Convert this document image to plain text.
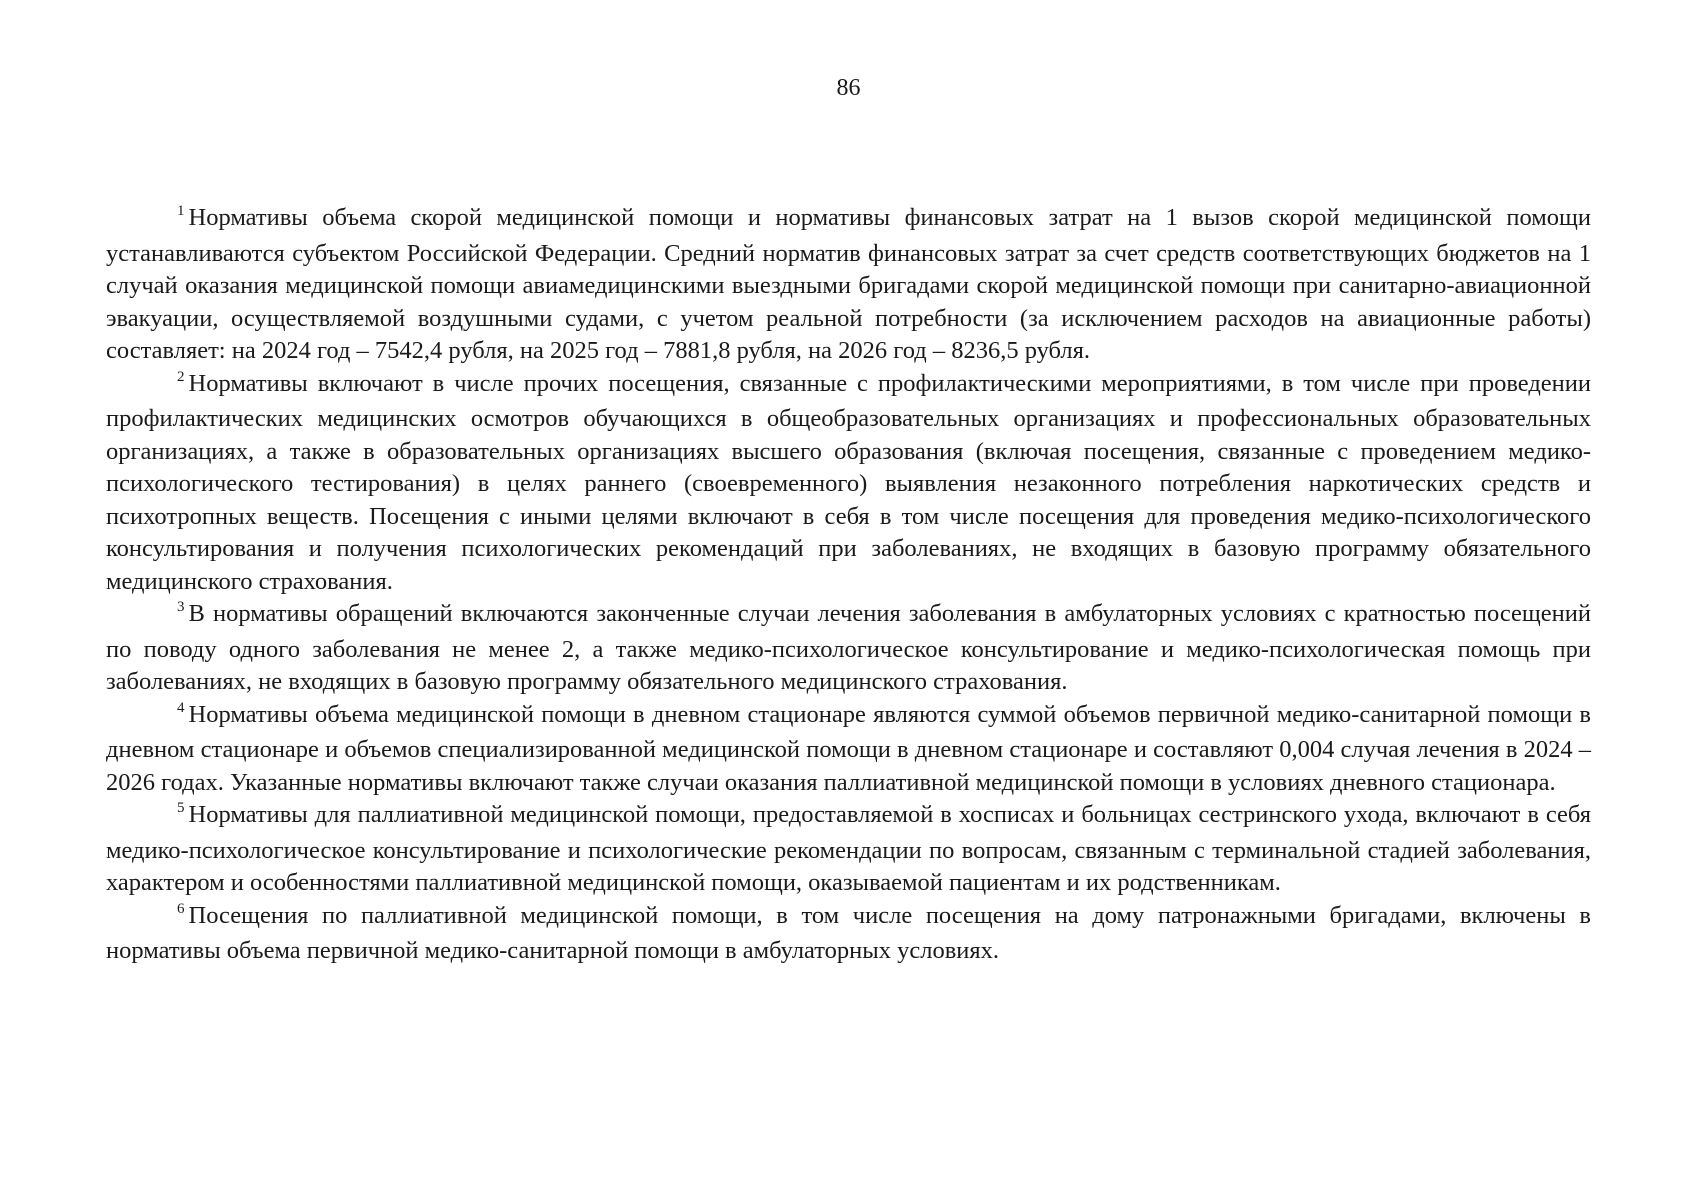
86

$^1$ Нормативы объема скорой медицинской помощи и нормативы финансовых затрат на 1 вызов скорой медицинской помощи устанавливаются субъектом Российской Федерации. Средний норматив финансовых затрат за счет средств соответствующих бюджетов на 1 случай оказания медицинской помощи авиамедицинскими выездными бригадами скорой медицинской помощи при санитарно-авиационной эвакуации, осуществляемой воздушными судами, с учетом реальной потребности (за исключением расходов на авиационные работы) составляет: на 2024 год – 7542,4 рубля, на 2025 год – 7881,8 рубля, на 2026 год – 8236,5 рубля.

$^2$ Нормативы включают в числе прочих посещения, связанные с профилактическими мероприятиями, в том числе при проведении профилактических медицинских осмотров обучающихся в общеобразовательных организациях и профессиональных образовательных организациях, а также в образовательных организациях высшего образования (включая посещения, связанные с проведением медико-психологического тестирования) в целях раннего (своевременного) выявления незаконного потребления наркотических средств и психотропных веществ. Посещения с иными целями включают в себя в том числе посещения для проведения медико-психологического консультирования и получения психологических рекомендаций при заболеваниях, не входящих в базовую программу обязательного медицинского страхования.

$^3$ В нормативы обращений включаются законченные случаи лечения заболевания в амбулаторных условиях с кратностью посещений по поводу одного заболевания не менее 2, а также медико-психологическое консультирование и медико-психологическая помощь при заболеваниях, не входящих в базовую программу обязательного медицинского страхования.

$^4$ Нормативы объема медицинской помощи в дневном стационаре являются суммой объемов первичной медико-санитарной помощи в дневном стационаре и объемов специализированной медицинской помощи в дневном стационаре и составляют 0,004 случая лечения в 2024 – 2026 годах. Указанные нормативы включают также случаи оказания паллиативной медицинской помощи в условиях дневного стационара.

$^5$ Нормативы для паллиативной медицинской помощи, предоставляемой в хосписах и больницах сестринского ухода, включают в себя медико-психологическое консультирование и психологические рекомендации по вопросам, связанным с терминальной стадией заболевания, характером и особенностями паллиативной медицинской помощи, оказываемой пациентам и их родственникам.

$^6$ Посещения по паллиативной медицинской помощи, в том числе посещения на дому патронажными бригадами, включены в нормативы объема первичной медико-санитарной помощи в амбулаторных условиях.
